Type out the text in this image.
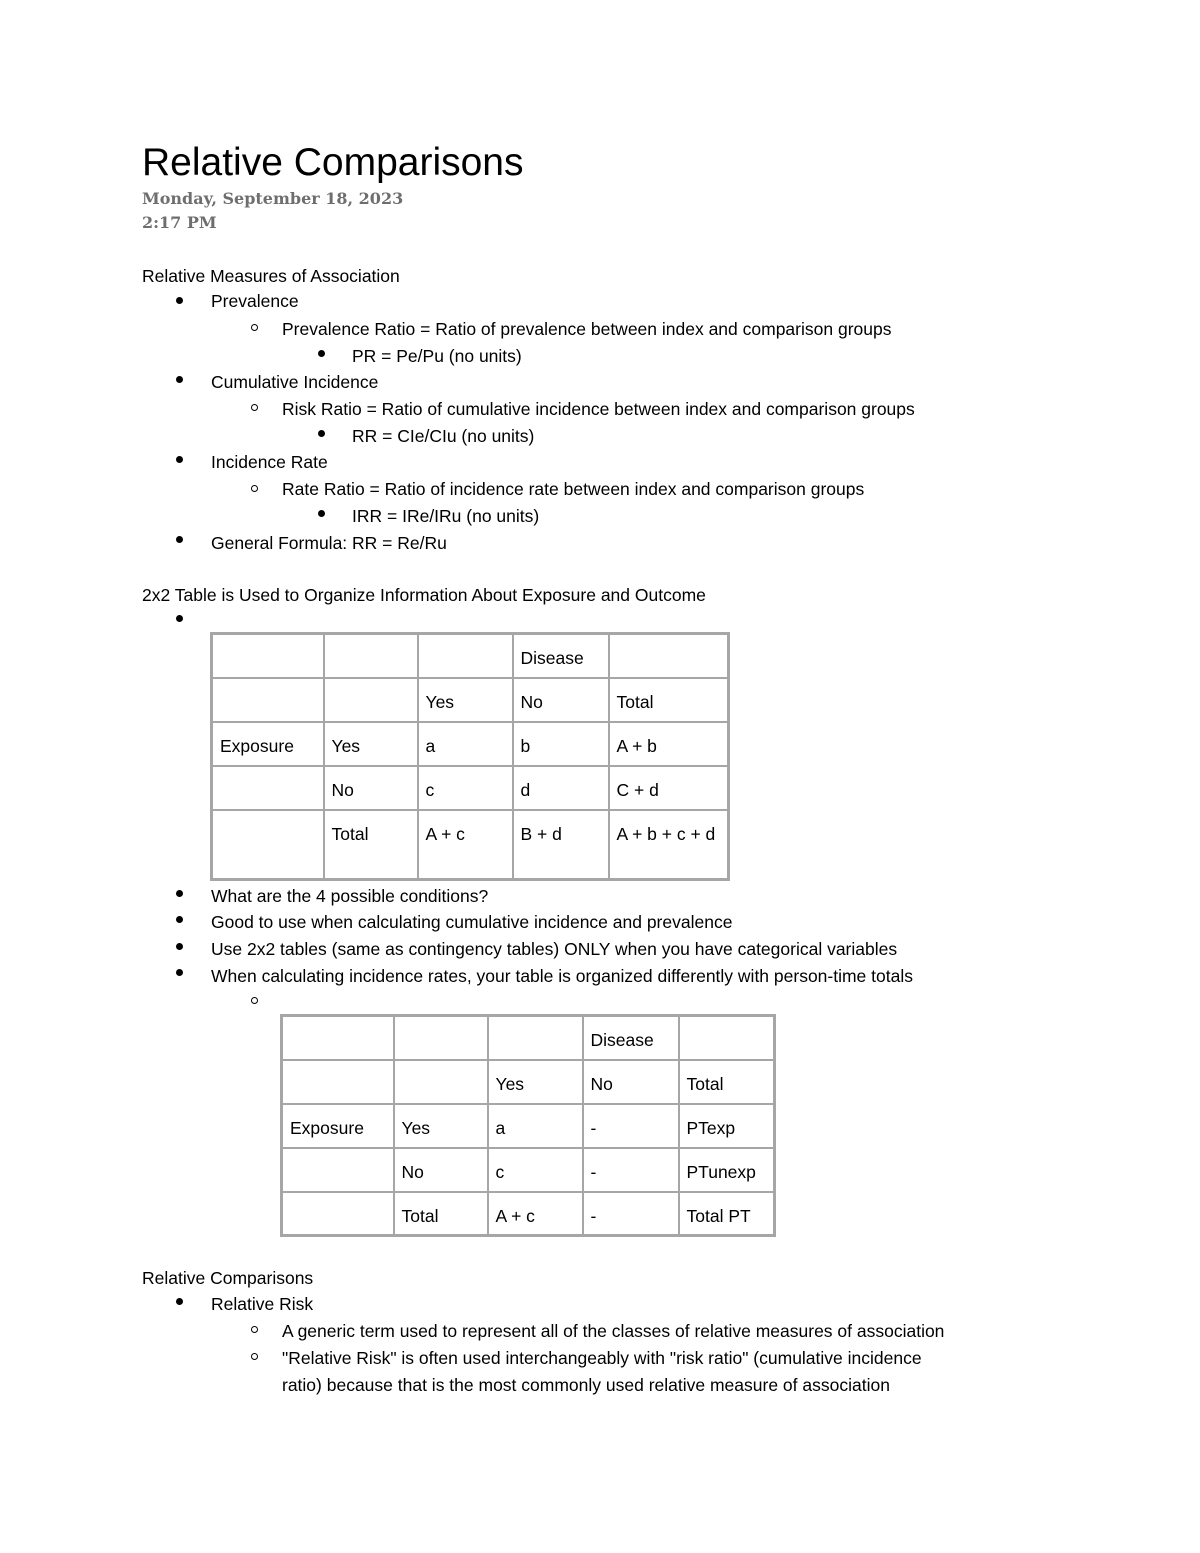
Relative Comparisons
Monday, September 18, 2023
2:17 PM
Relative Measures of Association
Prevalence
Prevalence Ratio = Ratio of prevalence between index and comparison groups
PR = Pe/Pu (no units)
Cumulative Incidence
Risk Ratio = Ratio of cumulative incidence between index and comparison groups
RR = CIe/CIu (no units)
Incidence Rate
Rate Ratio = Ratio of incidence rate between index and comparison groups
IRR = IRe/IRu (no units)
General Formula: RR = Re/Ru
2x2 Table is Used to Organize Information About Exposure and Outcome
			Disease	
		Yes	No	Total
Exposure	Yes	a	b	A + b
	No	c	d	C + d
	Total	A + c	B + d	A + b + c + d
What are the 4 possible conditions?
Good to use when calculating cumulative incidence and prevalence
Use 2x2 tables (same as contingency tables) ONLY when you have categorical variables
When calculating incidence rates, your table is organized differently with person-time totals
			Disease	
		Yes	No	Total
Exposure	Yes	a	-	PTexp
	No	c	-	PTunexp
	Total	A + c	-	Total PT
Relative Comparisons
Relative Risk
A generic term used to represent all of the classes of relative measures of association
"Relative Risk" is often used interchangeably with "risk ratio" (cumulative incidence
ratio) because that is the most commonly used relative measure of association
